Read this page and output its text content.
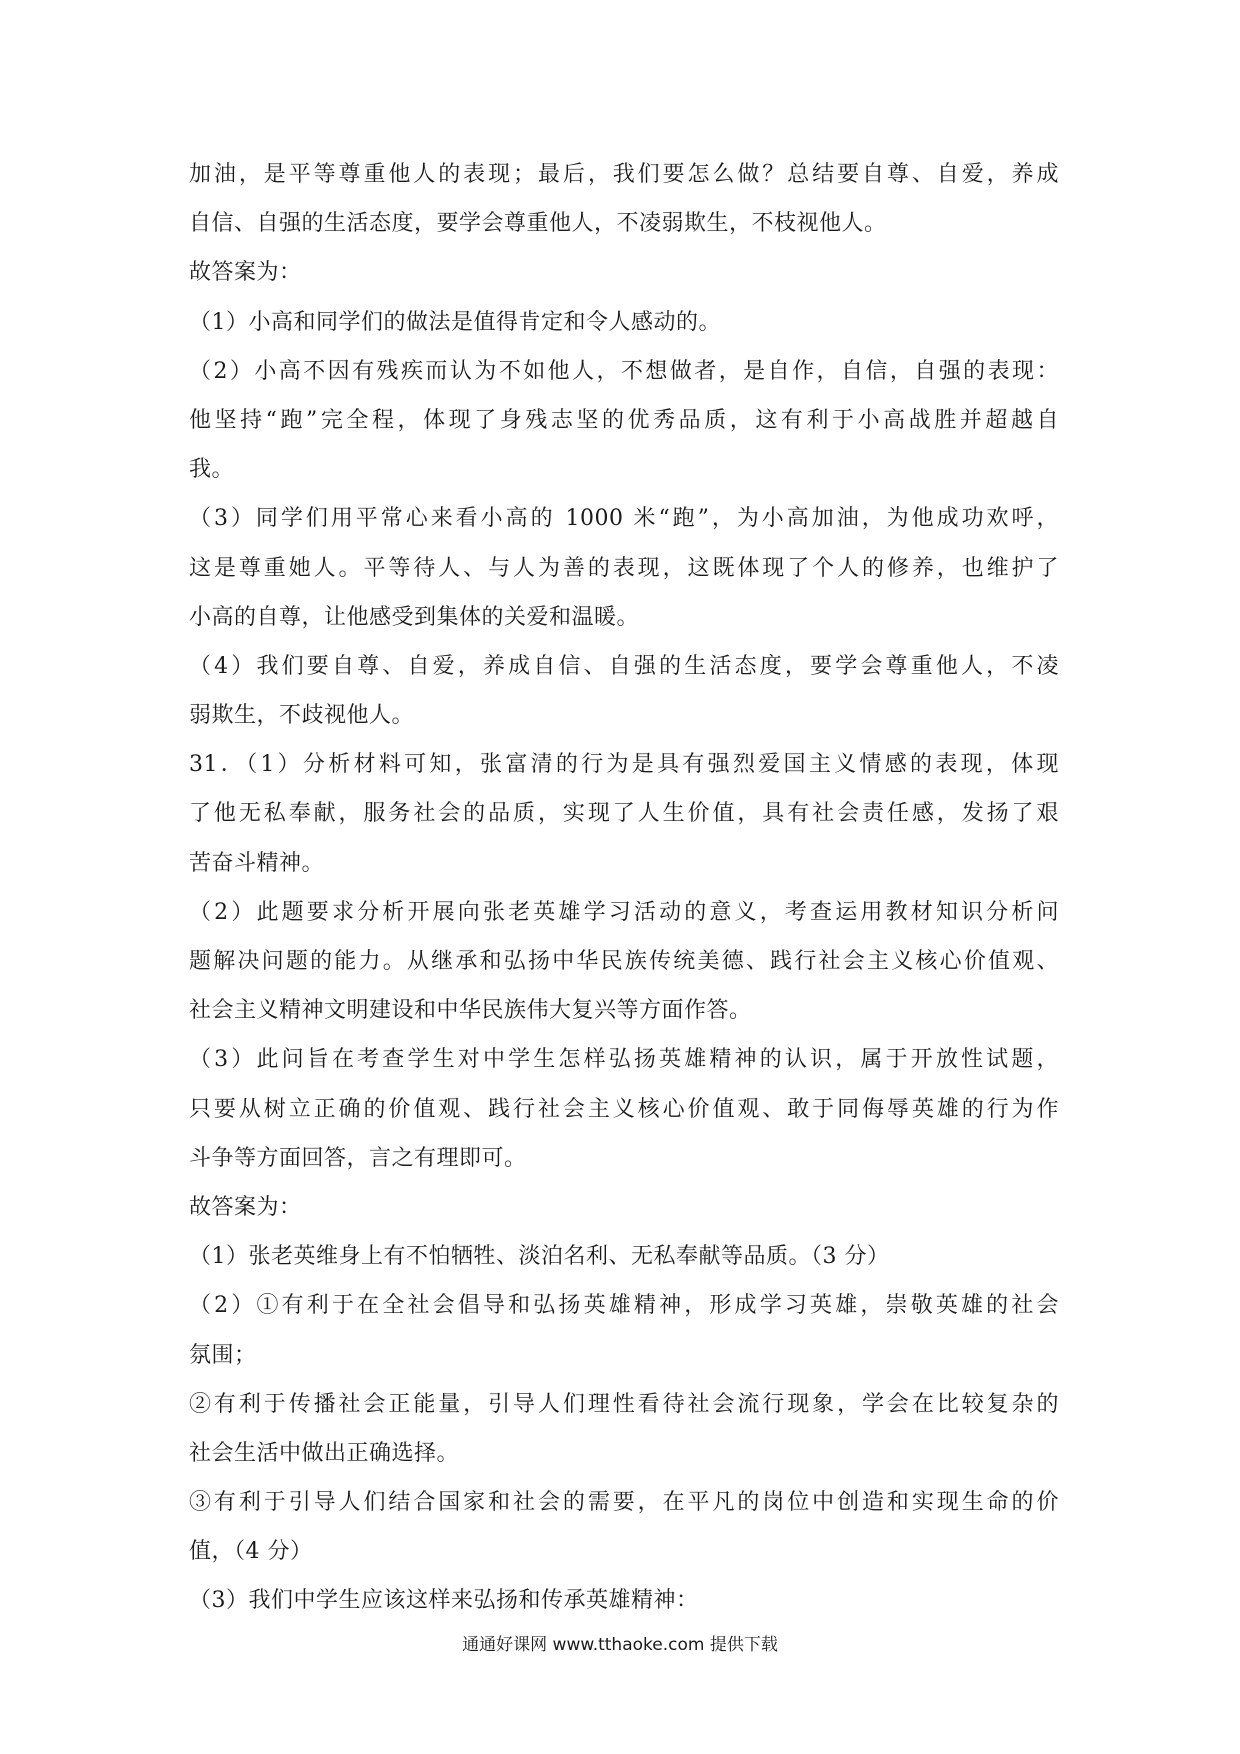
加油，是平等尊重他人的表现；最后，我们要怎么做？总结要自尊、自爱，养成
自信、自强的生活态度，要学会尊重他人，不凌弱欺生，不枝视他人。
故答案为：
（1）小高和同学们的做法是值得肯定和令人感动的。
（2）小高不因有残疾而认为不如他人，不想做者，是自作，自信，自强的表现：
他坚持“跑”完全程，体现了身残志坚的优秀品质，这有利于小高战胜并超越自
我。
（3）同学们用平常心来看小高的 1000 米“跑”，为小高加油，为他成功欢呼，
这是尊重她人。平等待人、与人为善的表现，这既体现了个人的修养，也维护了
小高的自尊，让他感受到集体的关爱和温暖。
（4）我们要自尊、自爱，养成自信、自强的生活态度，要学会尊重他人，不凌
弱欺生，不歧视他人。
31．（1）分析材料可知，张富清的行为是具有强烈爱国主义情感的表现，体现
了他无私奉献，服务社会的品质，实现了人生价值，具有社会责任感，发扬了艰
苦奋斗精神。
（2）此题要求分析开展向张老英雄学习活动的意义，考查运用教材知识分析问
题解决问题的能力。从继承和弘扬中华民族传统美德、践行社会主义核心价值观、
社会主义精神文明建设和中华民族伟大复兴等方面作答。
（3）此问旨在考查学生对中学生怎样弘扬英雄精神的认识，属于开放性试题，
只要从树立正确的价值观、践行社会主义核心价值观、敢于同侮辱英雄的行为作
斗争等方面回答，言之有理即可。
故答案为：
（1）张老英维身上有不怕牺牲、淡泊名利、无私奉献等品质。（3 分）
（2）①有利于在全社会倡导和弘扬英雄精神，形成学习英雄，崇敬英雄的社会
氛围；
②有利于传播社会正能量，引导人们理性看待社会流行现象，学会在比较复杂的
社会生活中做出正确选择。
③有利于引导人们结合国家和社会的需要，在平凡的岗位中创造和实现生命的价
值，（4 分）
（3）我们中学生应该这样来弘扬和传承英雄精神：
通通好课网 www.tthaoke.com 提供下载
